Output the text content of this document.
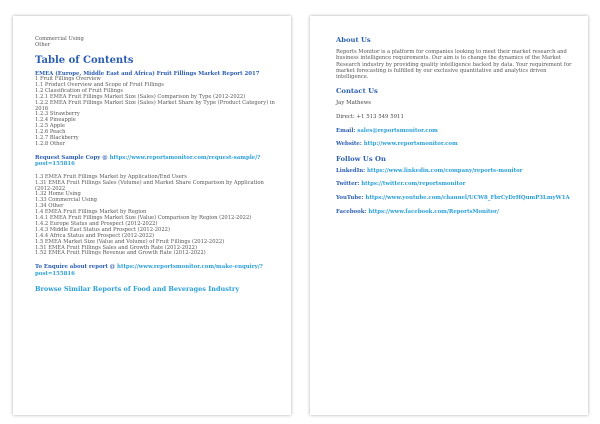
Commercial Using
Other
Table of Contents
EMEA (Europe, Middle East and Africa) Fruit Fillings Market Report 2017
1 Fruit Fillings Overview
1.1 Product Overview and Scope of Fruit Fillings
1.2 Classification of Fruit Fillings
1.2.1 EMEA Fruit Fillings Market Size (Sales) Comparison by Type (2012-2022)
1.2.2 EMEA Fruit Fillings Market Size (Sales) Market Share by Type (Product Category) in 2016
1.2.3 Strawberry
1.2.4 Pineapple
1.2.5 Apple
1.2.6 Peach
1.2.7 Blackberry
1.2.8 Other
Request Sample Copy @ https://www.reportsmonitor.com/request-sample/?post=155816
1.3 EMEA Fruit Fillings Market by Application/End Users
1.31 EMEA Fruit Fillings Sales (Volume) and Market Share Comparison by Application (2012-2022
1.32 Home Using
1.33 Commercial Using
1.34 Other
1.4 EMEA Fruit Fillings Market by Region
1.4.1 EMEA Fruit Fillings Market Size (Value) Comparison by Region (2012-2022)
1.4.2 Europe Status and Prospect (2012-2022)
1.4.3 Middle East Status and Prospect (2012-2022)
1.4.4 Africa Status and Prospect (2012-2022)
1.5 EMEA Market Size (Value and Volume) of Fruit Fillings (2012-2022)
1.51 EMEA Fruit Fillings Sales and Growth Rate (2012-2022)
1.52 EMEA Fruit Fillings Revenue and Growth Rate (2012-2022)
To Enquire about report @ https://www.reportsmonitor.com/make-enquiry/?post=155816
Browse Similar Reports of Food and Beverages Industry
About Us
Reports Monitor is a platform for companies looking to meet their market research and business intelligence requirements. Our aim is to change the dynamics of the Market Research industry by providing quality intelligence backed by data. Your requirement for market forecasting is fulfilled by our exclusive quantitative and analytics driven intelligence.
Contact Us
Jay Mathews
Direct: +1 513 549 5911
Email: sales@reportsmonitor.com
Website: http://www.reportsmonitor.com
Follow Us On
LinkedIn: https://www.linkedin.com/company/reports-monitor
Twitter: https://twitter.com/reportsmonitor
YouTube: https://www.youtube.com/channel/UCW8_FbrCyDrHQumP3LmyW1A
Facebook: https://www.facebook.com/ReportsMonitor/
